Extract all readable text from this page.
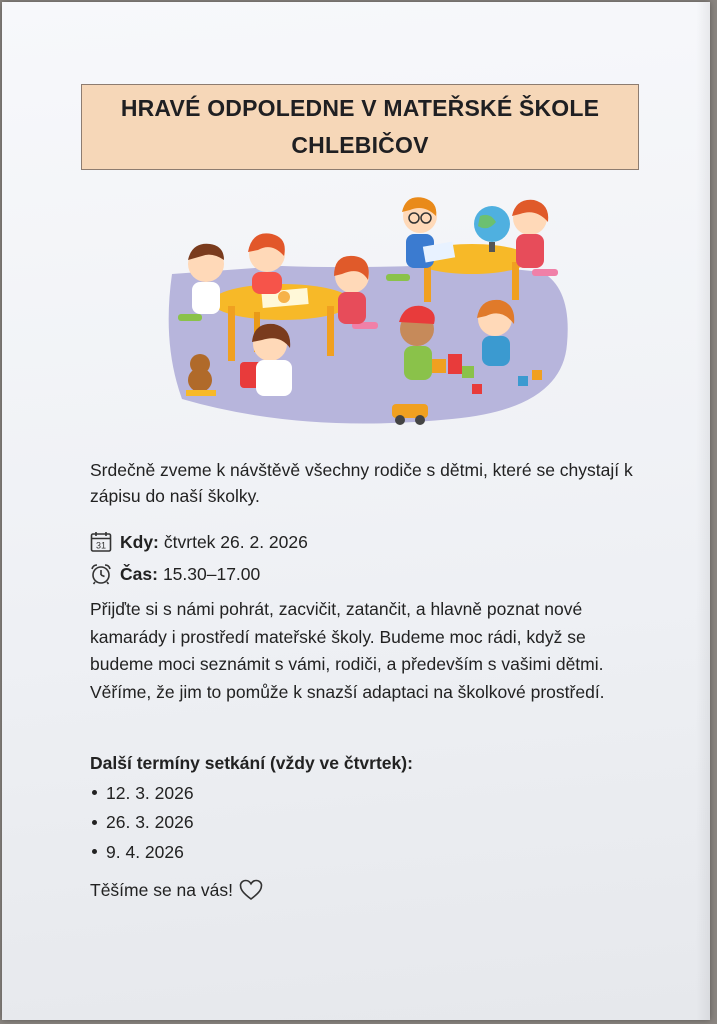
HRAVÉ ODPOLEDNE V MATEŘSKÉ ŠKOLE
CHLEBIČOV
Srdečně zveme k návštěvě všechny rodiče s dětmi, které se chystají k zápisu do naší školky.
31 Kdy: čtvrtek 26. 2. 2026
Čas: 15.30–17.00
Přijďte si s námi pohrát, zacvičit, zatančit, a hlavně poznat nové kamarády i prostředí mateřské školy. Budeme moc rádi, když se budeme moci seznámit s vámi, rodiči, a především s vašimi dětmi. Věříme, že jim to pomůže k snazší adaptaci na školkové prostředí.
Další termíny setkání (vždy ve čtvrtek):
12. 3. 2026
26. 3. 2026
9. 4. 2026
Těšíme se na vás!
